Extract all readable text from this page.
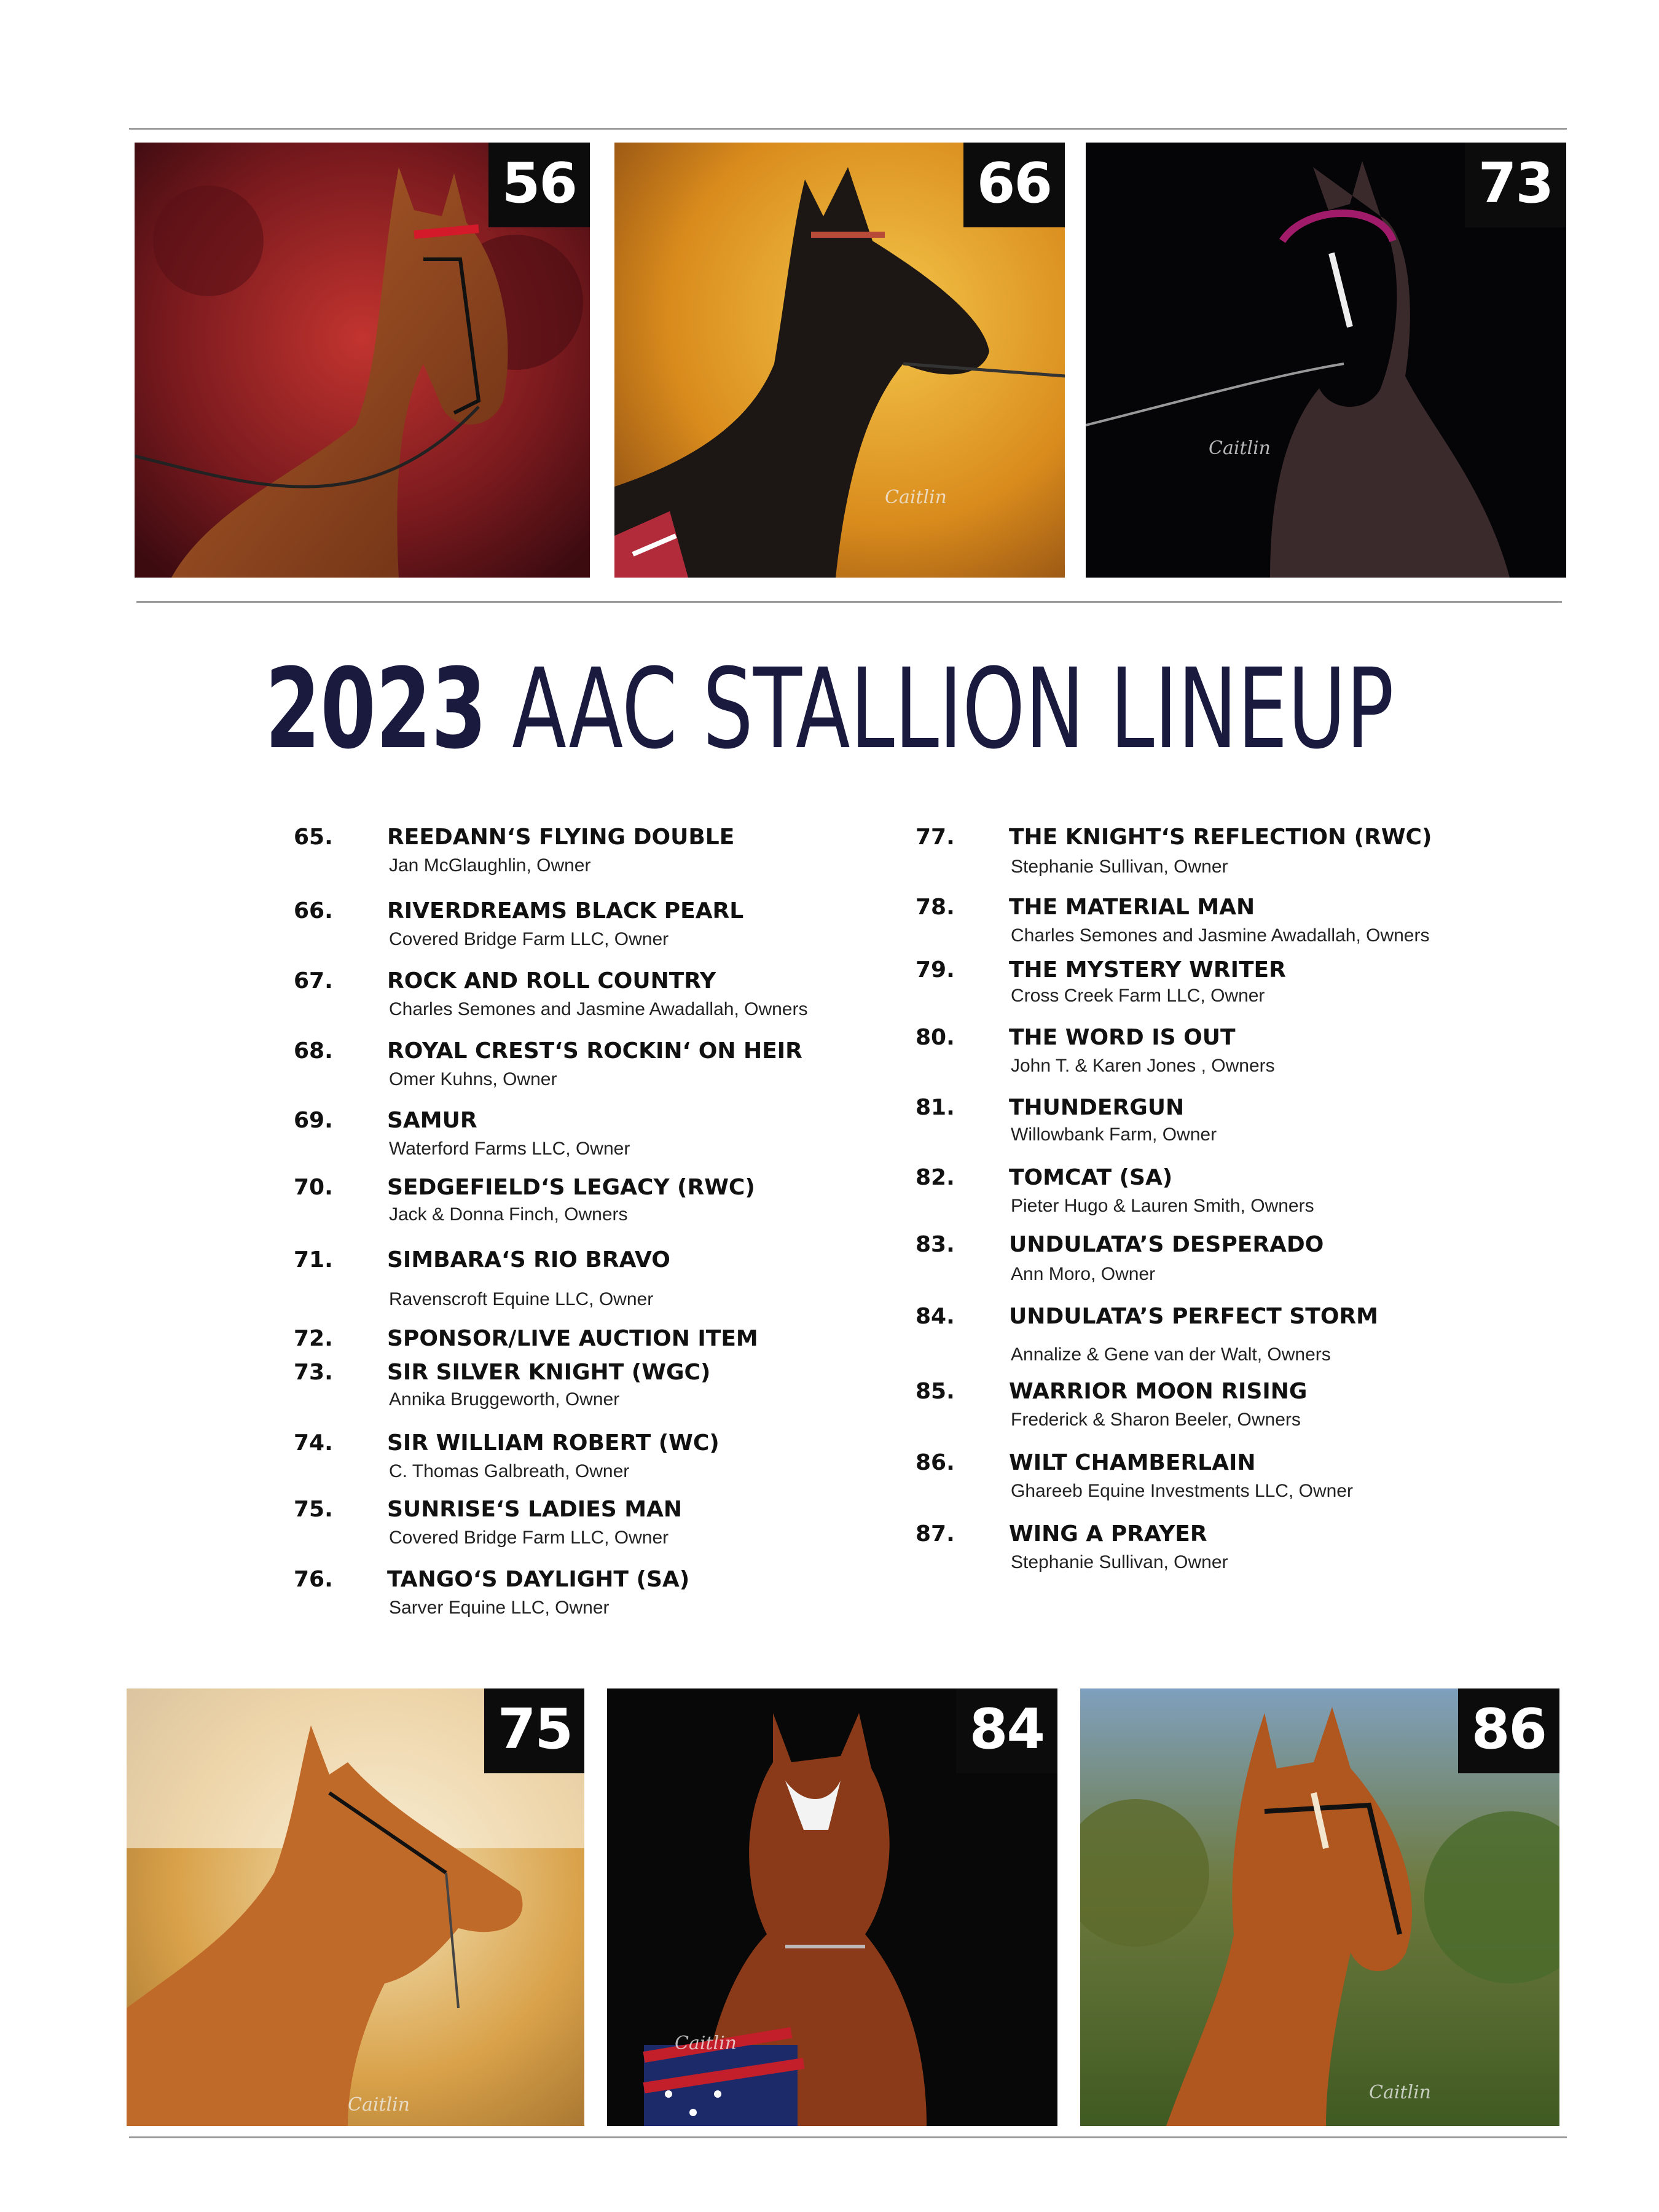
56
Caitlin
66
Caitlin
73
2023 AAC STALLION LINEUP
65. REEDANN‘S FLYING DOUBLE
Jan McGlaughlin, Owner
66. RIVERDREAMS BLACK PEARL
Covered Bridge Farm LLC, Owner
67. ROCK AND ROLL COUNTRY
Charles Semones and Jasmine Awadallah, Owners
68. ROYAL CREST‘S ROCKIN‘ ON HEIR
Omer Kuhns, Owner
69. SAMUR
Waterford Farms LLC, Owner
70. SEDGEFIELD‘S LEGACY (RWC)
Jack & Donna Finch, Owners
71. SIMBARA‘S RIO BRAVO
Ravenscroft Equine LLC, Owner
72. SPONSOR/LIVE AUCTION ITEM
73. SIR SILVER KNIGHT (WGC)
Annika Bruggeworth, Owner
74. SIR WILLIAM ROBERT (WC)
C. Thomas Galbreath, Owner
75. SUNRISE‘S LADIES MAN
Covered Bridge Farm LLC, Owner
76. TANGO‘S DAYLIGHT (SA)
Sarver Equine LLC, Owner
77. THE KNIGHT‘S REFLECTION (RWC)
Stephanie Sullivan, Owner
78. THE MATERIAL MAN
Charles Semones and Jasmine Awadallah, Owners
79. THE MYSTERY WRITER
Cross Creek Farm LLC, Owner
80. THE WORD IS OUT
John T. & Karen Jones , Owners
81. THUNDERGUN
Willowbank Farm, Owner
82. TOMCAT (SA)
Pieter Hugo & Lauren Smith, Owners
83. UNDULATA’S DESPERADO
Ann Moro, Owner
84. UNDULATA’S PERFECT STORM
Annalize & Gene van der Walt, Owners
85. WARRIOR MOON RISING
Frederick & Sharon Beeler, Owners
86. WILT CHAMBERLAIN
Ghareeb Equine Investments LLC, Owner
87. WING A PRAYER
Stephanie Sullivan, Owner
Caitlin
75
Caitlin
84
Caitlin
86
